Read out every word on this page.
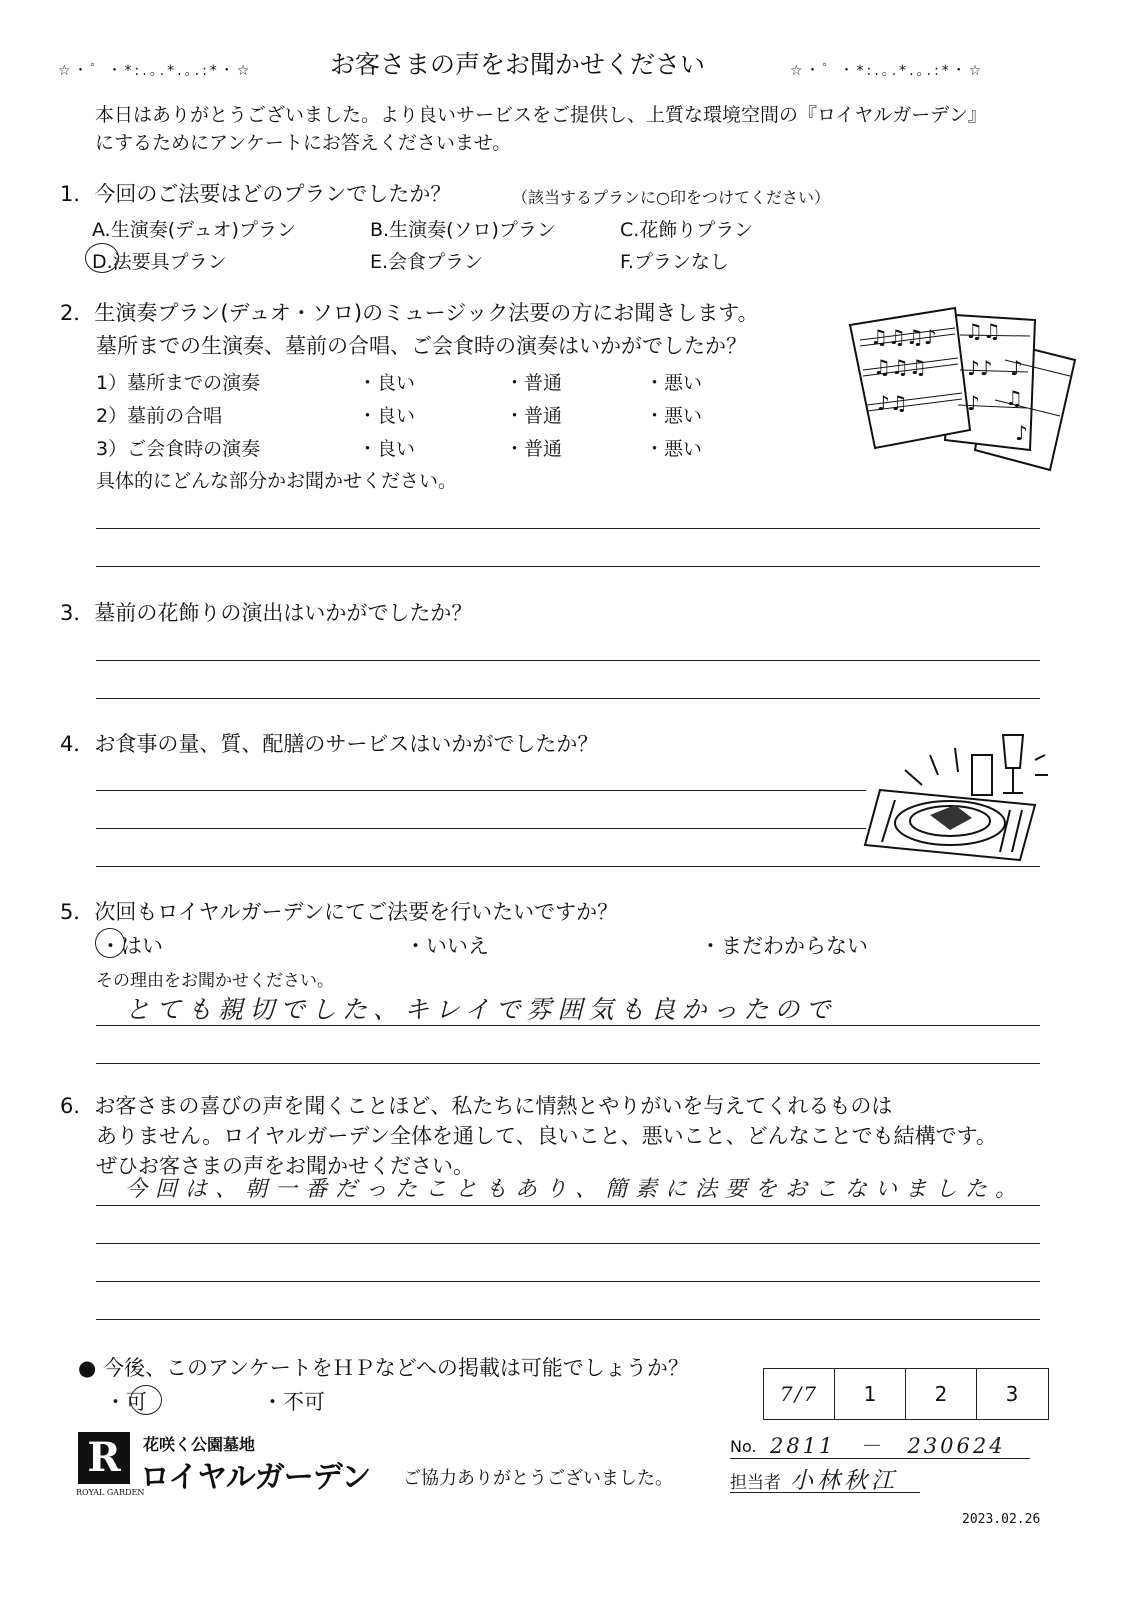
☆・゜・*:.｡.*.｡.:*・☆	お客さまの声をお聞かせください	☆・゜・*:.｡.*.｡.:*・☆
本日はありがとうございました。より良いサービスをご提供し、上質な環境空間の『ロイヤルガーデン』
にするためにアンケートにお答えくださいませ。
1．今回のご法要はどのプランでしたか？	（該当するプランに○印をつけてください）
A.生演奏(デュオ)プラン	B.生演奏(ソロ)プラン	C.花飾りプラン
D.法要具プラン	E.会食プラン	F.プランなし
2．生演奏プラン(デュオ・ソロ)のミュージック法要の方にお聞きします。
墓所までの生演奏、墓前の合唱、ご会食時の演奏はいかがでしたか？
1）墓所までの演奏	・良い	・普通	・悪い
2）墓前の合唱	・良い	・普通	・悪い
3）ご会食時の演奏	・良い	・普通	・悪い
具体的にどんな部分かお聞かせください。
♫♫♫♪
♫♫♫
♪♫
♫♫
♪♪
♪
♪
♫
♪
3．墓前の花飾りの演出はいかがでしたか？
4．お食事の量、質、配膳のサービスはいかがでしたか？
5．次回もロイヤルガーデンにてご法要を行いたいですか？
・はい	・いいえ	・まだわからない
その理由をお聞かせください。
とても親切でした、キレイで雰囲気も良かったので
6．お客さまの喜びの声を聞くことほど、私たちに情熱とやりがいを与えてくれるものは
ありません。ロイヤルガーデン全体を通して、良いこと、悪いこと、どんなことでも結構です。
ぜひお客さまの声をお聞かせください。
今回は、朝一番だったこともあり、簡素に法要をおこないました。
● 今後、このアンケートをＨＰなどへの掲載は可能でしょうか？
・可	・不可	7/7	1	2	3
R
ROYAL GARDEN
花咲く公園墓地
ロイヤルガーデン ご協力ありがとうございました。
No. 2811　－　230624
担当者 小林秋江
2023.02.26
